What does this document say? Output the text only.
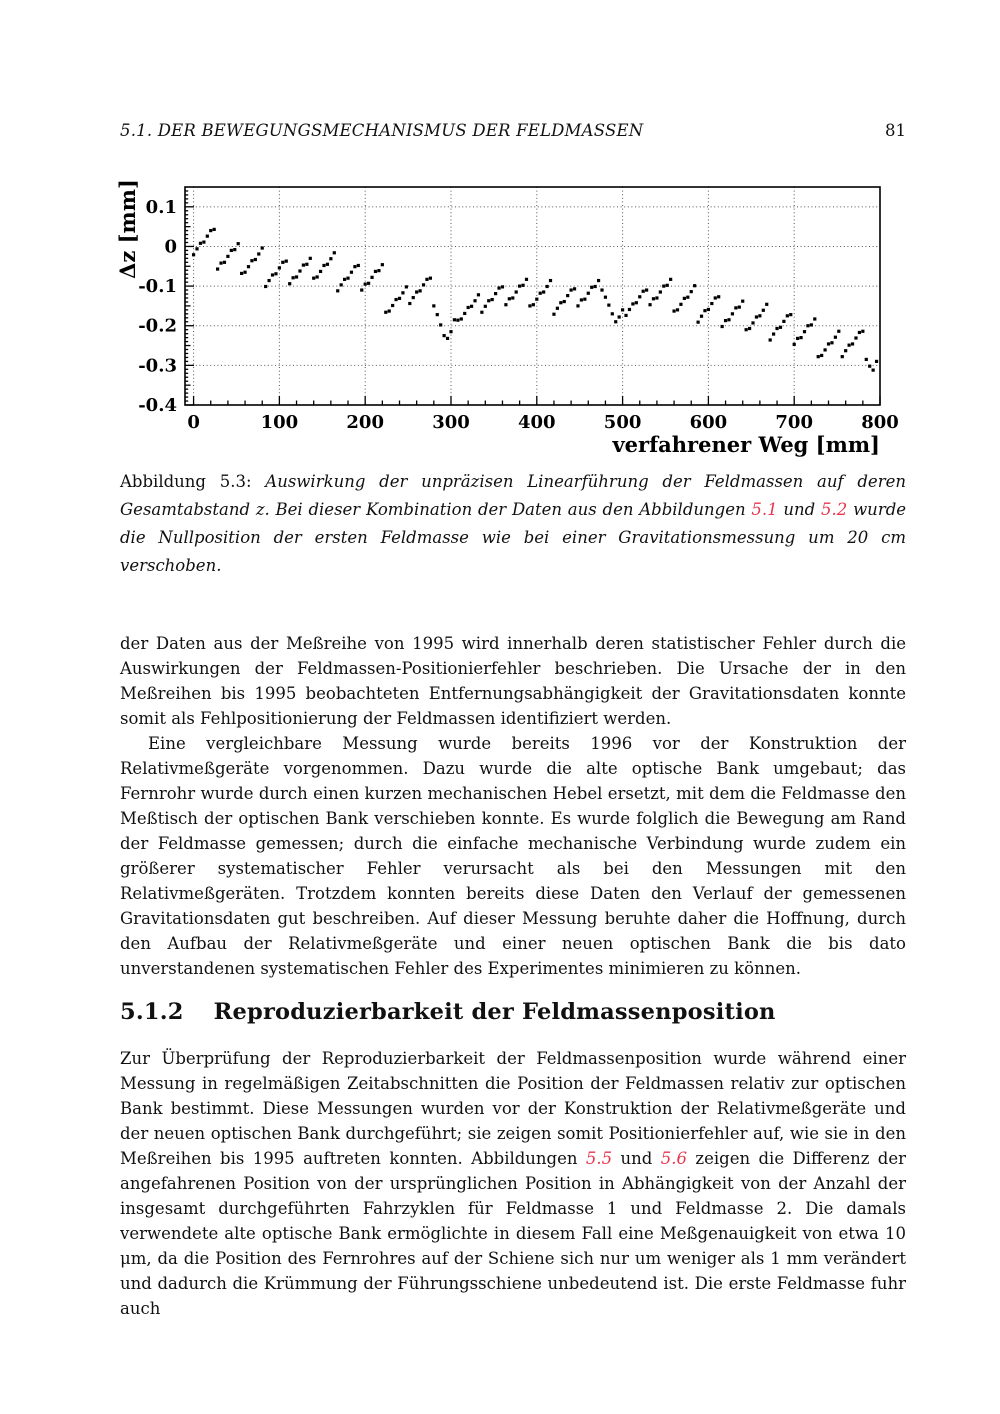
5.1. DER BEWEGUNGSMECHANISMUS DER FELDMASSEN	81
0.1
0
-0.1
-0.2
-0.3
-0.4
0	100	200	300	400	500	600	700	800
Δz [mm]
verfahrener Weg [mm]
Abbildung 5.3: Auswirkung der unpräzisen Linearführung der Feldmassen auf deren Gesamtabstand z. Bei dieser Kombination der Daten aus den Abbildungen 5.1 und 5.2 wurde die Nullposition der ersten Feldmasse wie bei einer Gravitationsmessung um 20 cm verschoben.

der Daten aus der Meßreihe von 1995 wird innerhalb deren statistischer Fehler durch die Auswirkungen der Feldmassen-Positionierfehler beschrieben. Die Ursache der in den Meßreihen bis 1995 beobachteten Entfernungsabhängigkeit der Gravitationsdaten konnte somit als Fehlpositionierung der Feldmassen identifiziert werden.

Eine vergleichbare Messung wurde bereits 1996 vor der Konstruktion der Relativmeßgeräte vorgenommen. Dazu wurde die alte optische Bank umgebaut; das Fernrohr wurde durch einen kurzen mechanischen Hebel ersetzt, mit dem die Feldmasse den Meßtisch der optischen Bank verschieben konnte. Es wurde folglich die Bewegung am Rand der Feldmasse gemessen; durch die einfache mechanische Verbindung wurde zudem ein größerer systematischer Fehler verursacht als bei den Messungen mit den Relativmeßgeräten. Trotzdem konnten bereits diese Daten den Verlauf der gemessenen Gravitationsdaten gut beschreiben. Auf dieser Messung beruhte daher die Hoffnung, durch den Aufbau der Relativmeßgeräte und einer neuen optischen Bank die bis dato unverstandenen systematischen Fehler des Experimentes minimieren zu können.

5.1.2 Reproduzierbarkeit der Feldmassenposition

Zur Überprüfung der Reproduzierbarkeit der Feldmassenposition wurde während einer Messung in regelmäßigen Zeitabschnitten die Position der Feldmassen relativ zur optischen Bank bestimmt. Diese Messungen wurden vor der Konstruktion der Relativmeßgeräte und der neuen optischen Bank durchgeführt; sie zeigen somit Positionierfehler auf, wie sie in den Meßreihen bis 1995 auftreten konnten. Abbildungen 5.5 und 5.6 zeigen die Differenz der angefahrenen Position von der ursprünglichen Position in Abhängigkeit von der Anzahl der insgesamt durchgeführten Fahrzyklen für Feldmasse 1 und Feldmasse 2. Die damals verwendete alte optische Bank ermöglichte in diesem Fall eine Meßgenauigkeit von etwa 10 μm, da die Position des Fernrohres auf der Schiene sich nur um weniger als 1 mm verändert und dadurch die Krümmung der Führungsschiene unbedeutend ist. Die erste Feldmasse fuhr auch
